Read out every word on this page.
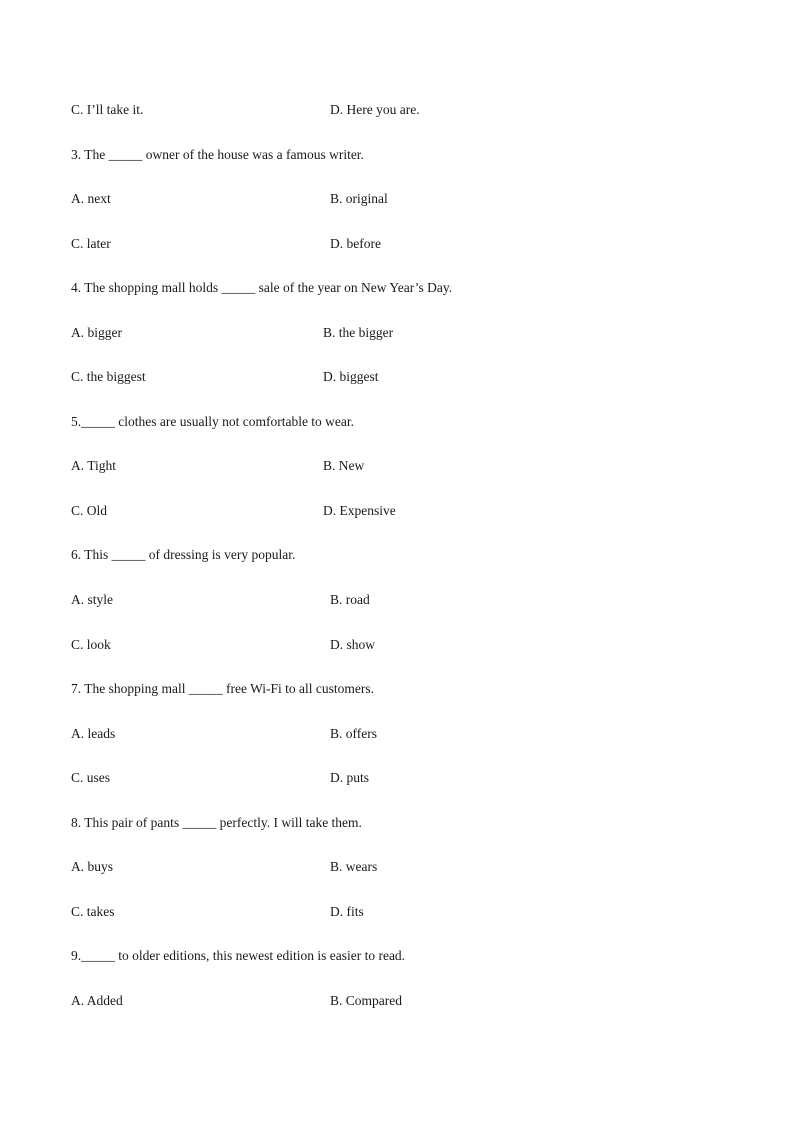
C. I’ll take it.	D. Here you are.
3. The _____ owner of the house was a famous writer.
A. next	B. original
C. later	D. before
4. The shopping mall holds _____ sale of the year on New Year’s Day.
A. bigger	B. the bigger
C. the biggest	D. biggest
5._____ clothes are usually not comfortable to wear.
A. Tight	B. New
C. Old	D. Expensive
6. This _____ of dressing is very popular.
A. style	B. road
C. look	D. show
7. The shopping mall _____ free Wi-Fi to all customers.
A. leads	B. offers
C. uses	D. puts
8. This pair of pants _____ perfectly. I will take them.
A. buys	B. wears
C. takes	D. fits
9._____ to older editions, this newest edition is easier to read.
A. Added	B. Compared
